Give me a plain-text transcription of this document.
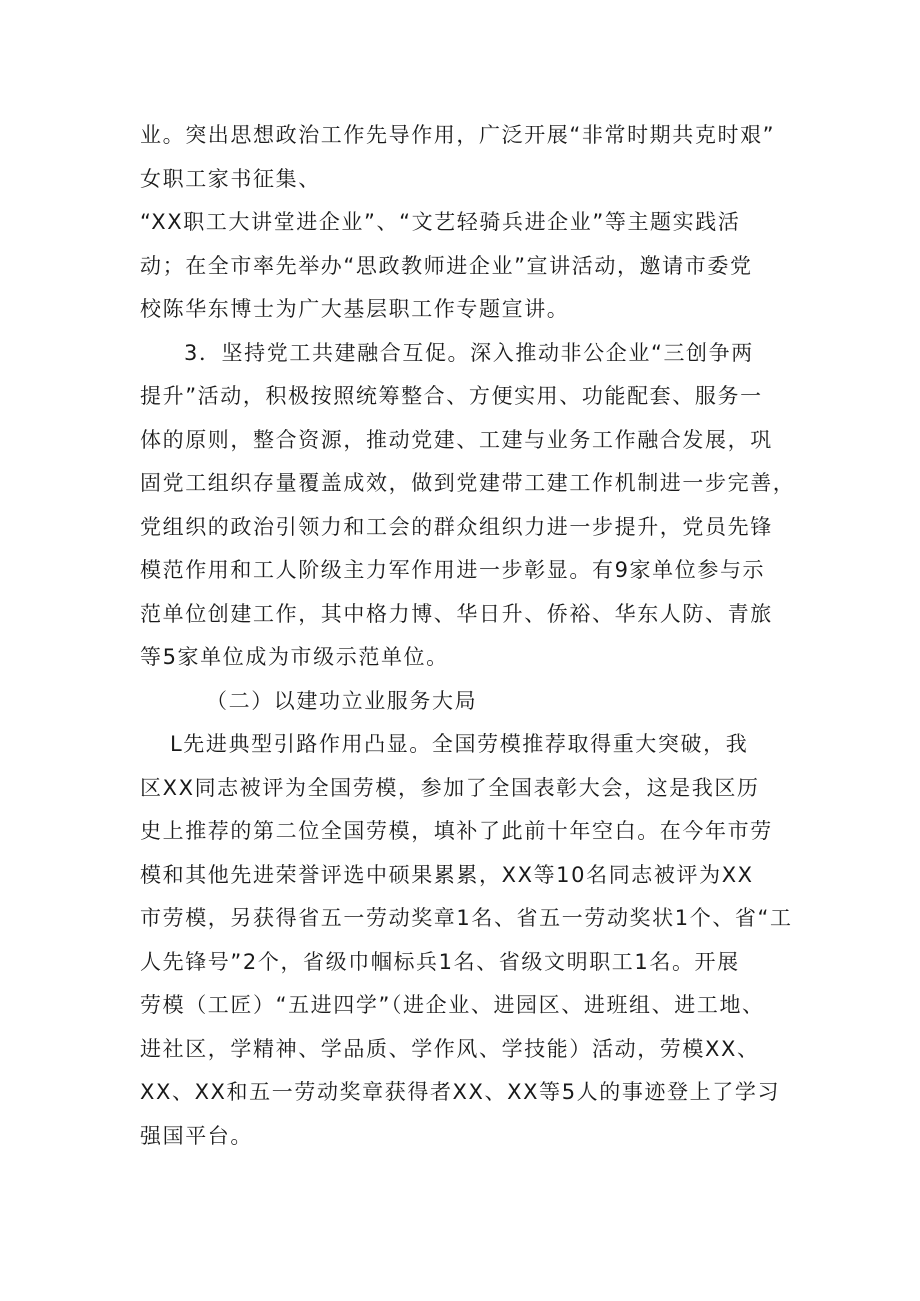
业。突出思想政治工作先导作用，广泛开展“非常时期共克时艰”
女职工家书征集、
“XX职工大讲堂进企业”、“文艺轻骑兵进企业”等主题实践活
动；在全市率先举办“思政教师进企业”宣讲活动，邀请市委党
校陈华东博士为广大基层职工作专题宣讲。
3．坚持党工共建融合互促。深入推动非公企业“三创争两
提升”活动，积极按照统筹整合、方便实用、功能配套、服务一
体的原则，整合资源，推动党建、工建与业务工作融合发展，巩
固党工组织存量覆盖成效，做到党建带工建工作机制进一步完善，
党组织的政治引领力和工会的群众组织力进一步提升，党员先锋
模范作用和工人阶级主力军作用进一步彰显。有9家单位参与示
范单位创建工作，其中格力博、华日升、侨裕、华东人防、青旅
等5家单位成为市级示范单位。
（二）以建功立业服务大局
L先进典型引路作用凸显。全国劳模推荐取得重大突破，我
区XX同志被评为全国劳模，参加了全国表彰大会，这是我区历
史上推荐的第二位全国劳模，填补了此前十年空白。在今年市劳
模和其他先进荣誉评选中硕果累累，XX等10名同志被评为XX
市劳模，另获得省五一劳动奖章1名、省五一劳动奖状1个、省“工
人先锋号”2个，省级巾帼标兵1名、省级文明职工1名。开展
劳模（工匠）“五进四学”（进企业、进园区、进班组、进工地、
进社区，学精神、学品质、学作风、学技能）活动，劳模XX、
XX、XX和五一劳动奖章获得者XX、XX等5人的事迹登上了学习
强国平台。
